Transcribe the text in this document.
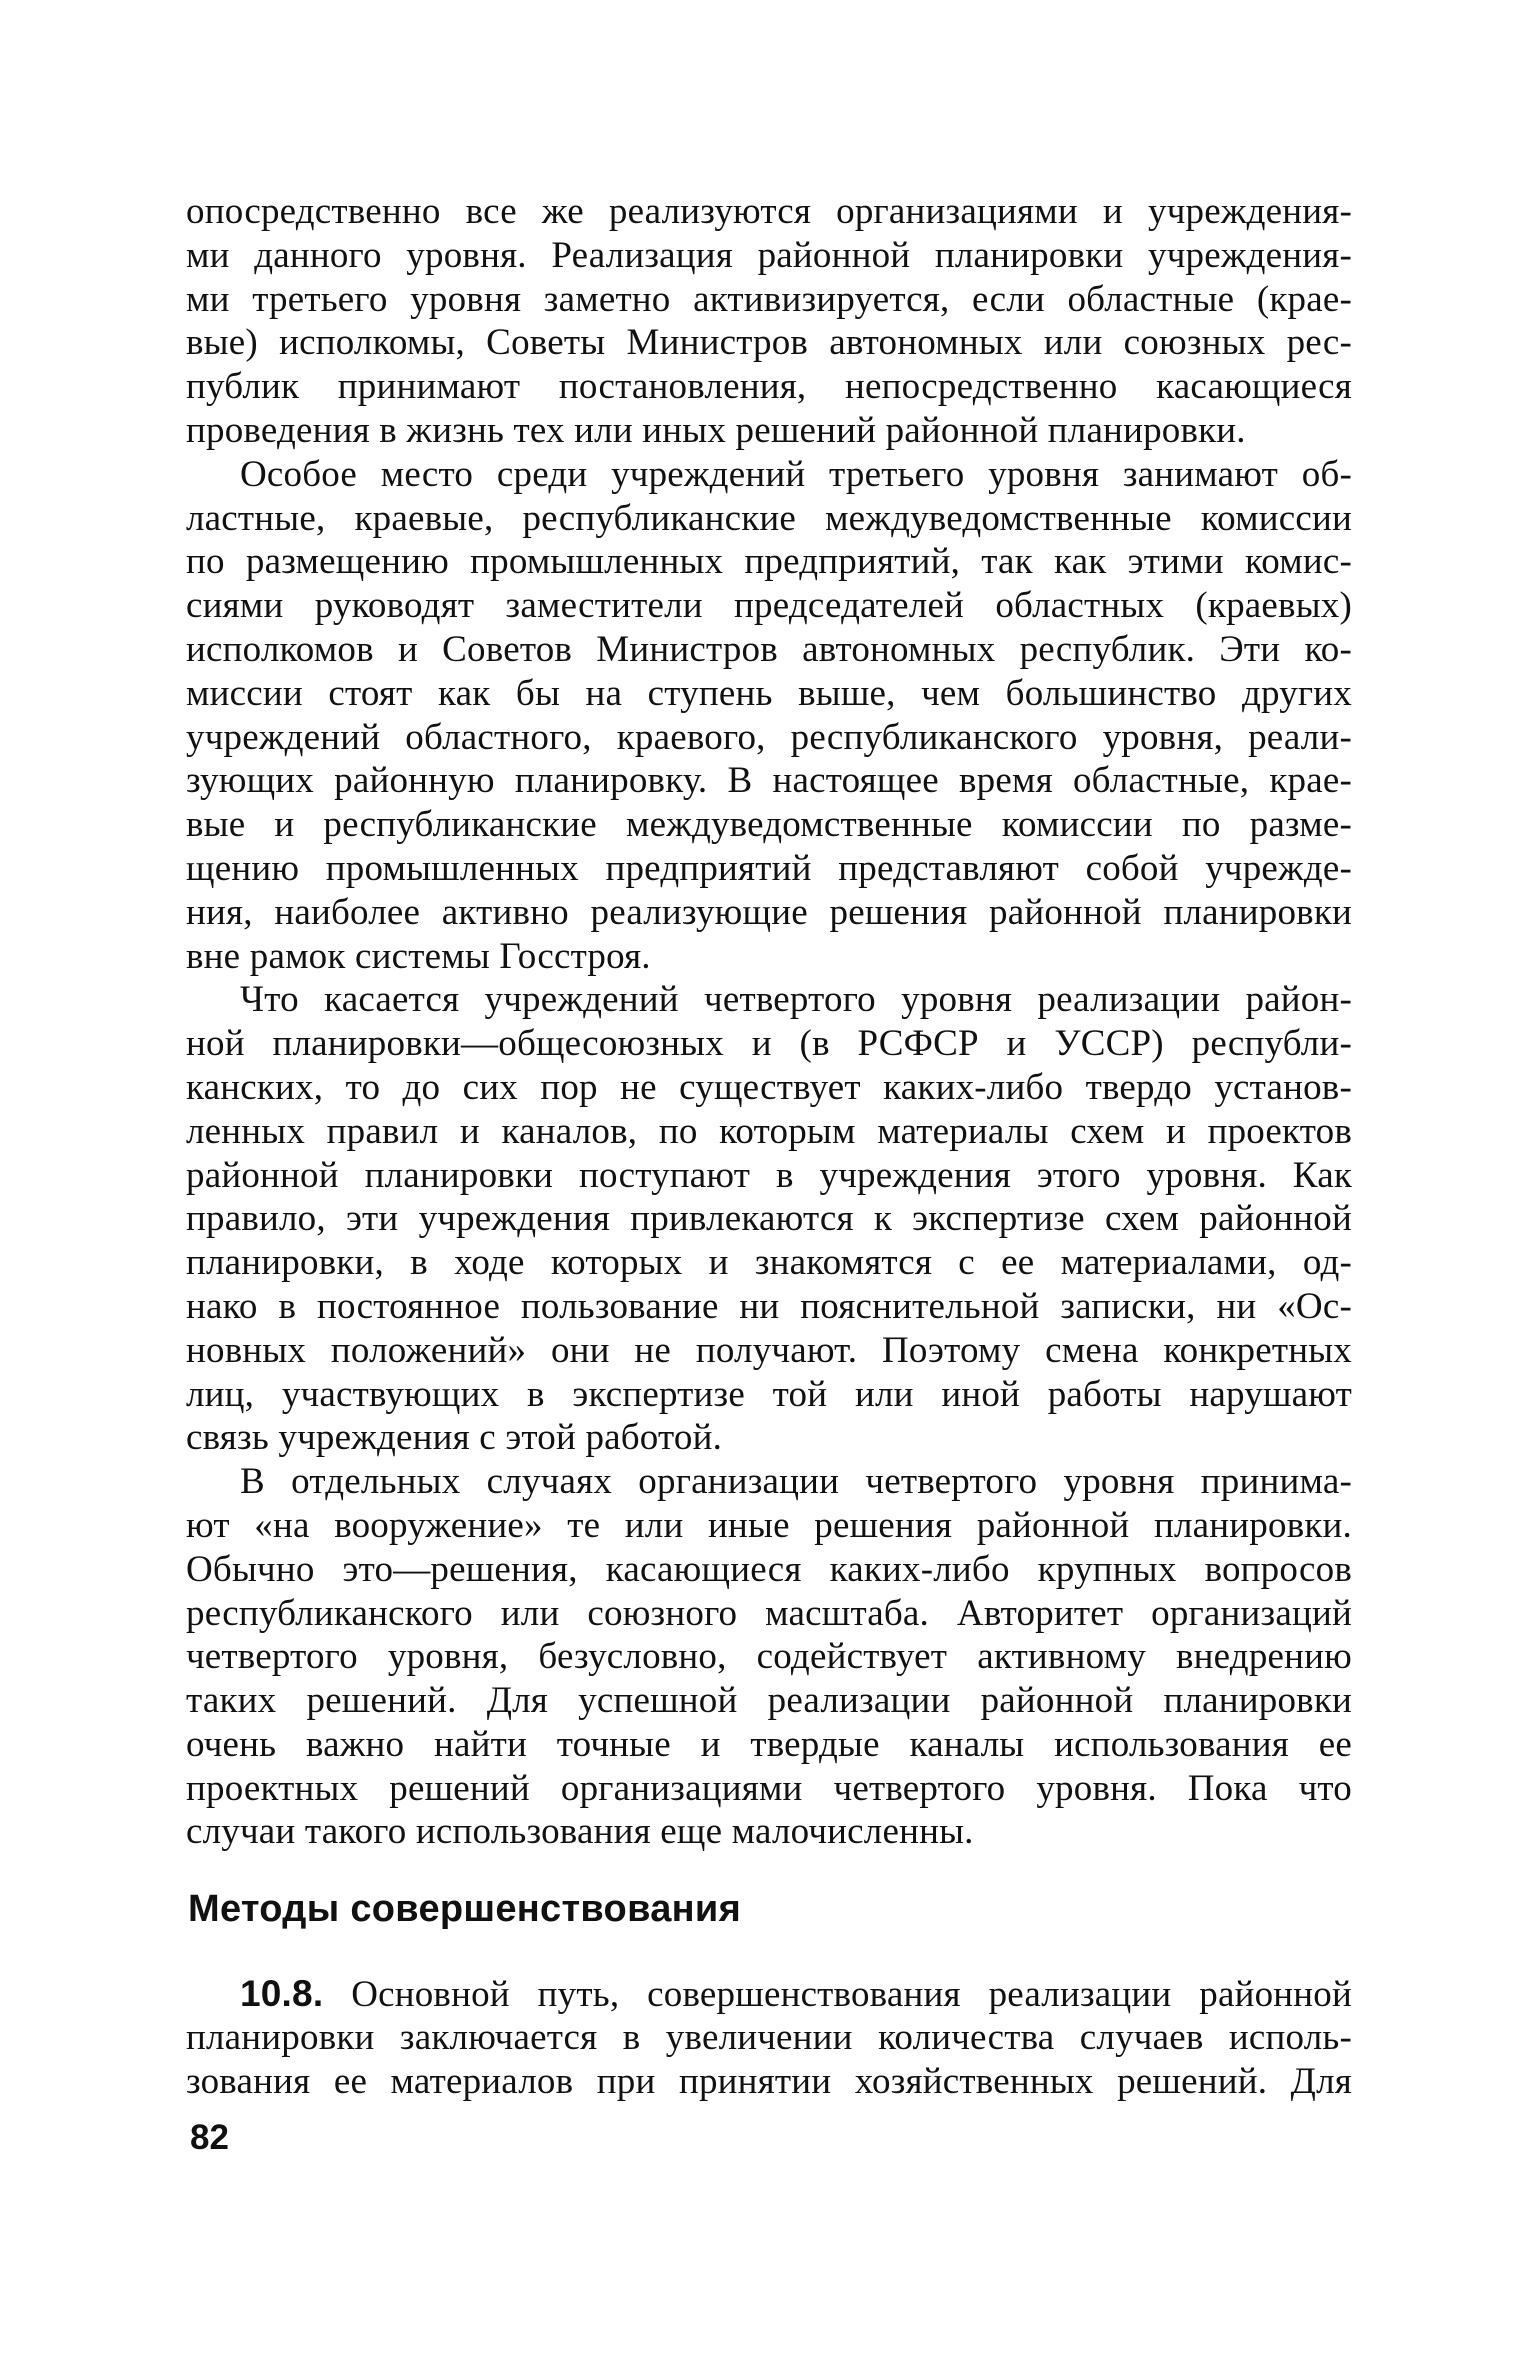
опосредственно все же реализуются организациями и учреждения-
ми данного уровня. Реализация районной планировки учреждения-
ми третьего уровня заметно активизируется, если областные (крае-
вые) исполкомы, Советы Министров автономных или союзных рес-
публик принимают постановления, непосредственно касающиеся
проведения в жизнь тех или иных решений районной планировки.
Особое место среди учреждений третьего уровня занимают об-
ластные, краевые, республиканские междуведомственные комиссии
по размещению промышленных предприятий, так как этими комис-
сиями руководят заместители председателей областных (краевых)
исполкомов и Советов Министров автономных республик. Эти ко-
миссии стоят как бы на ступень выше, чем большинство других
учреждений областного, краевого, республиканского уровня, реали-
зующих районную планировку. В настоящее время областные, крае-
вые и республиканские междуведомственные комиссии по разме-
щению промышленных предприятий представляют собой учрежде-
ния, наиболее активно реализующие решения районной планировки
вне рамок системы Госстроя.
Что касается учреждений четвертого уровня реализации район-
ной планировки—общесоюзных и (в РСФСР и УССР) республи-
канских, то до сих пор не существует каких-либо твердо установ-
ленных правил и каналов, по которым материалы схем и проектов
районной планировки поступают в учреждения этого уровня. Как
правило, эти учреждения привлекаются к экспертизе схем районной
планировки, в ходе которых и знакомятся с ее материалами, од-
нако в постоянное пользование ни пояснительной записки, ни «Ос-
новных положений» они не получают. Поэтому смена конкретных
лиц, участвующих в экспертизе той или иной работы нарушают
связь учреждения с этой работой.
В отдельных случаях организации четвертого уровня принима-
ют «на вооружение» те или иные решения районной планировки.
Обычно это—решения, касающиеся каких-либо крупных вопросов
республиканского или союзного масштаба. Авторитет организаций
четвертого уровня, безусловно, содействует активному внедрению
таких решений. Для успешной реализации районной планировки
очень важно найти точные и твердые каналы использования ее
проектных решений организациями четвертого уровня. Пока что
случаи такого использования еще малочисленны.
Методы совершенствования
10.8. Основной путь, совершенствования реализации районной
планировки заключается в увеличении количества случаев исполь-
зования ее материалов при принятии хозяйственных решений. Для
82
